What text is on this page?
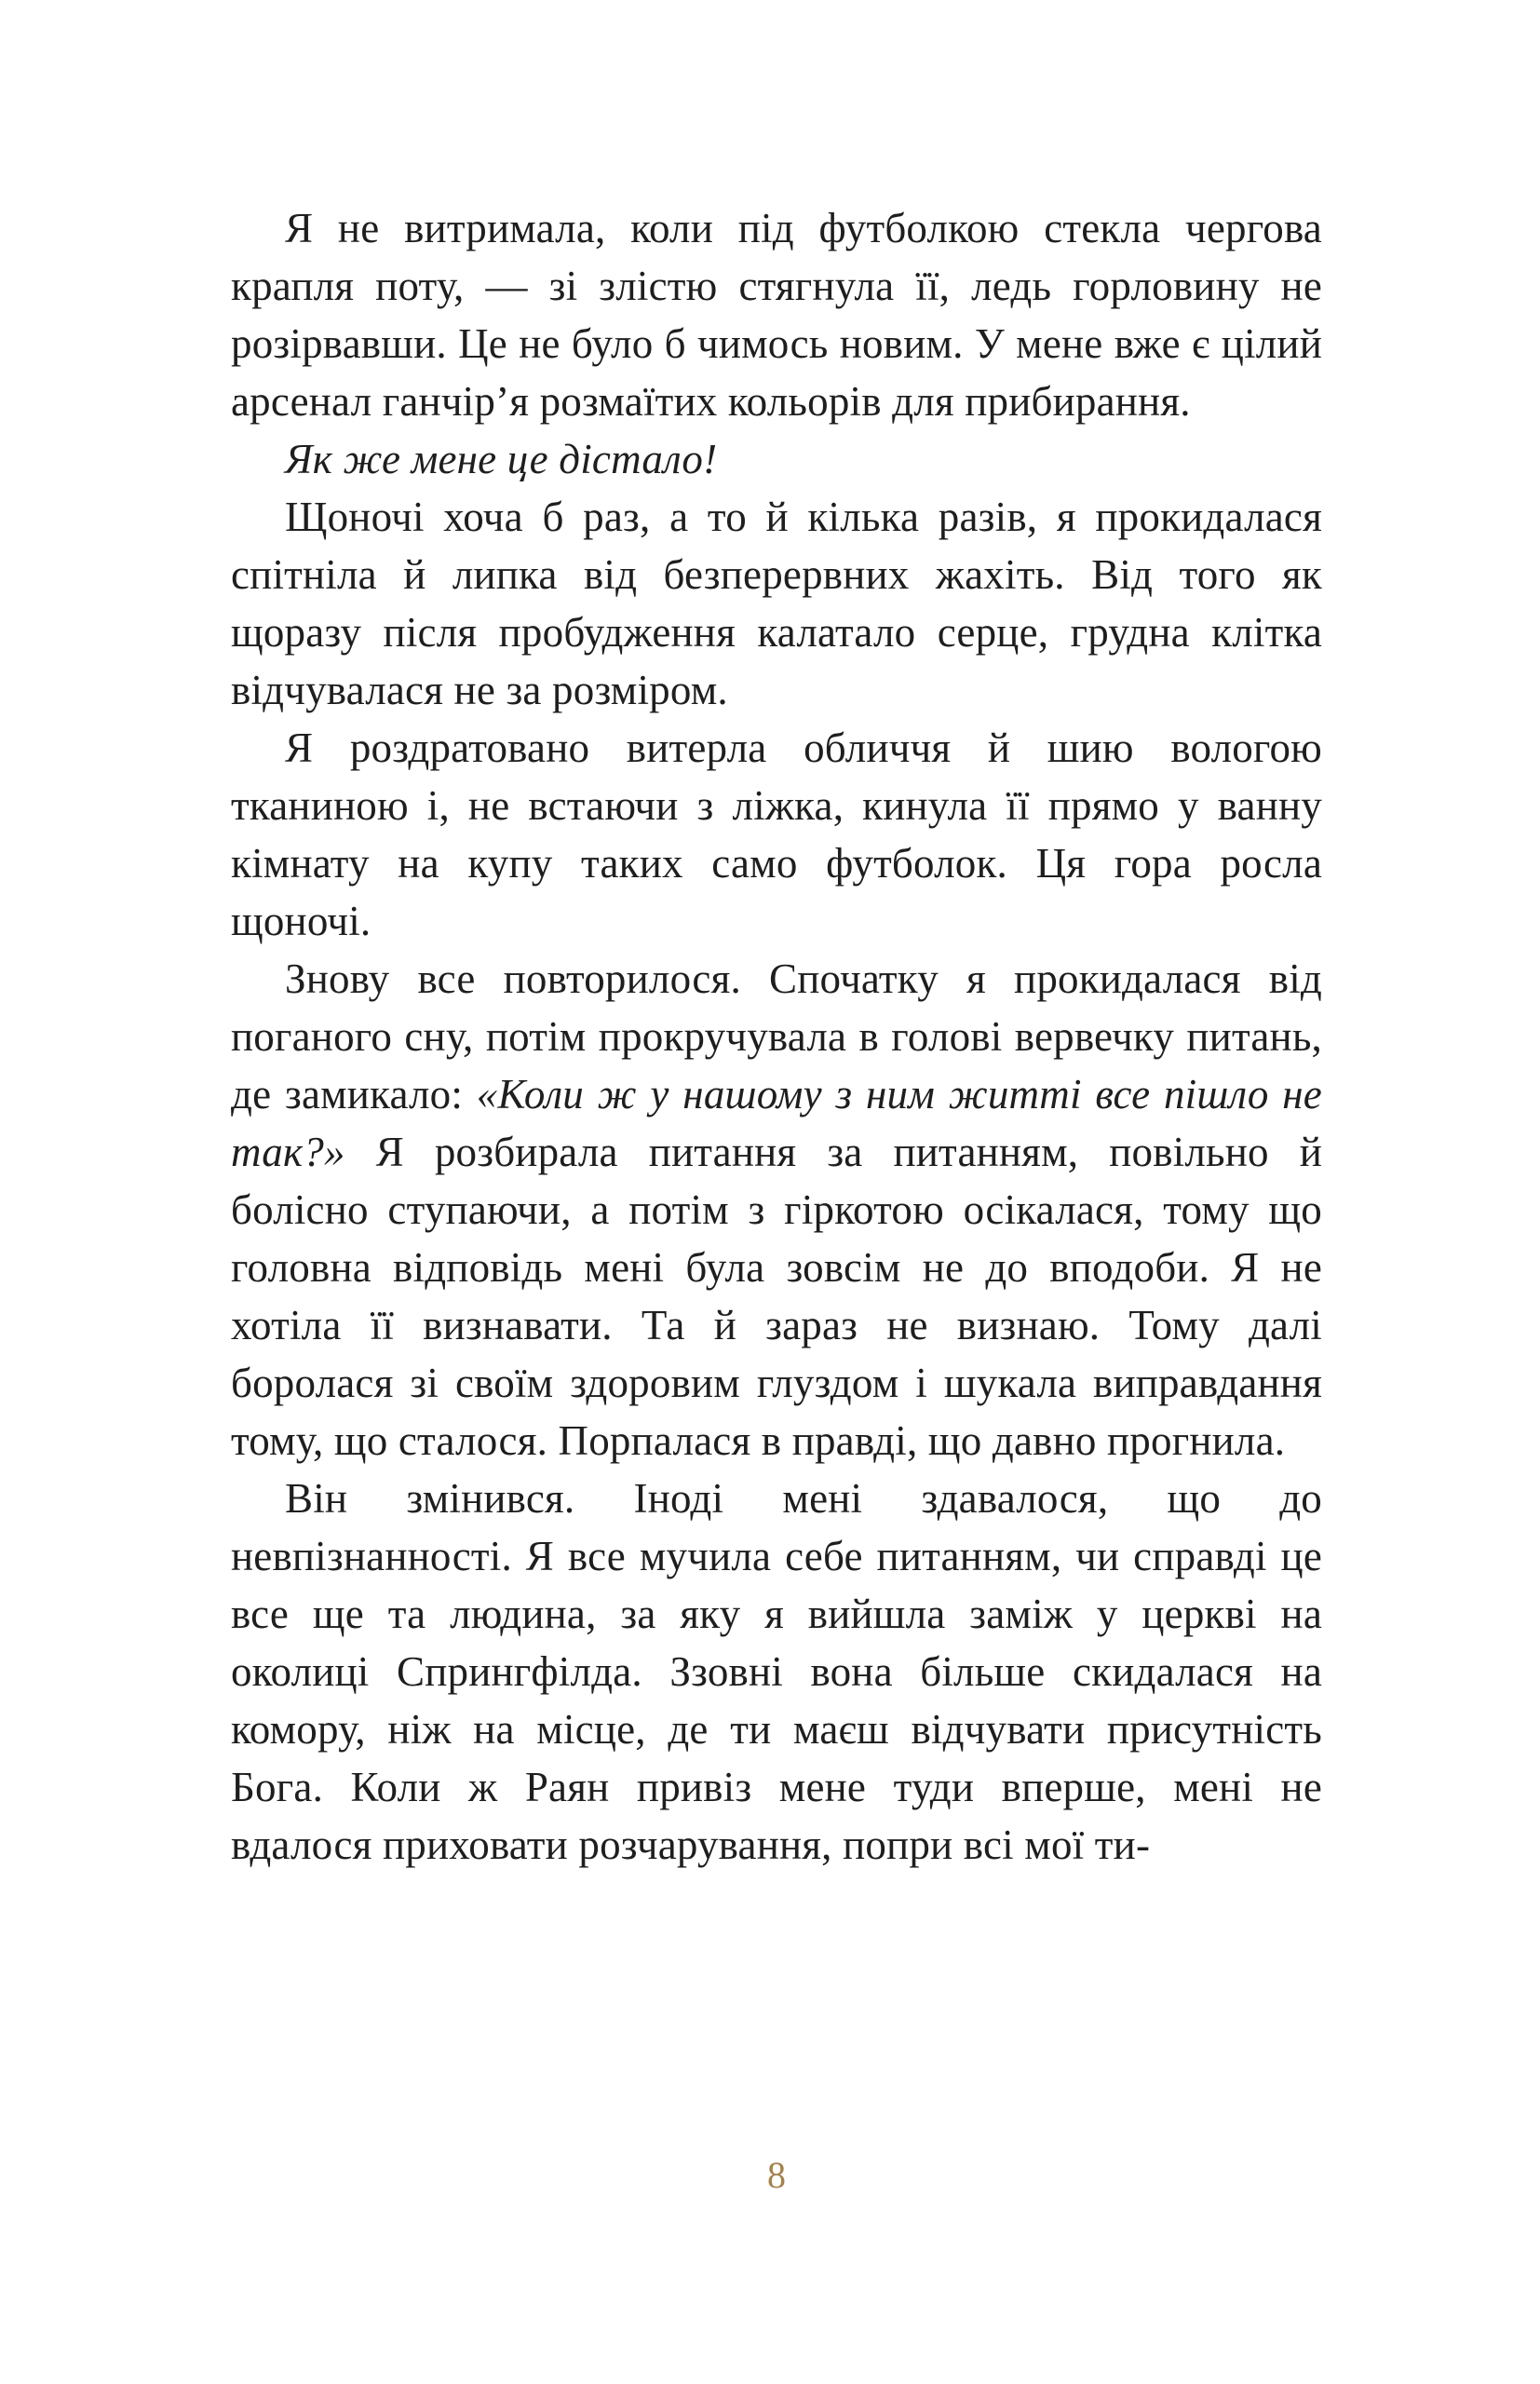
Я не витримала, коли під футболкою стекла чергова крапля поту, — зі злістю стягнула її, ледь горловину не розірвавши. Це не було б чимось новим. У мене вже є цілий арсенал ганчір’я розмаїтих кольорів для прибирання.

Як же мене це дістало!

Щоночі хоча б раз, а то й кілька разів, я прокидалася спітніла й липка від безперервних жахіть. Від того як щоразу після пробудження калатало серце, грудна клітка відчувалася не за розміром.

Я роздратовано витерла обличчя й шию вологою тканиною і, не встаючи з ліжка, кинула її прямо у ванну кімнату на купу таких само футболок. Ця гора росла щоночі.

Знову все повторилося. Спочатку я прокидалася від поганого сну, потім прокручувала в голові вервечку питань, де замикало: «Коли ж у нашому з ним житті все пішло не так?» Я розбирала питання за питанням, повільно й болісно ступаючи, а потім з гіркотою осікалася, тому що головна відповідь мені була зовсім не до вподоби. Я не хотіла її визнавати. Та й зараз не визнаю. Тому далі боролася зі своїм здоровим глуздом і шукала виправдання тому, що сталося. Порпалася в правді, що давно прогнила.

Він змінився. Іноді мені здавалося, що до невпізнанності. Я все мучила себе питанням, чи справді це все ще та людина, за яку я вийшла заміж у церкві на околиці Спрингфілда. Ззовні вона більше скидалася на комору, ніж на місце, де ти маєш відчувати присутність Бога. Коли ж Раян привіз мене туди вперше, мені не вдалося приховати розчарування, попри всі мої ти-

8
